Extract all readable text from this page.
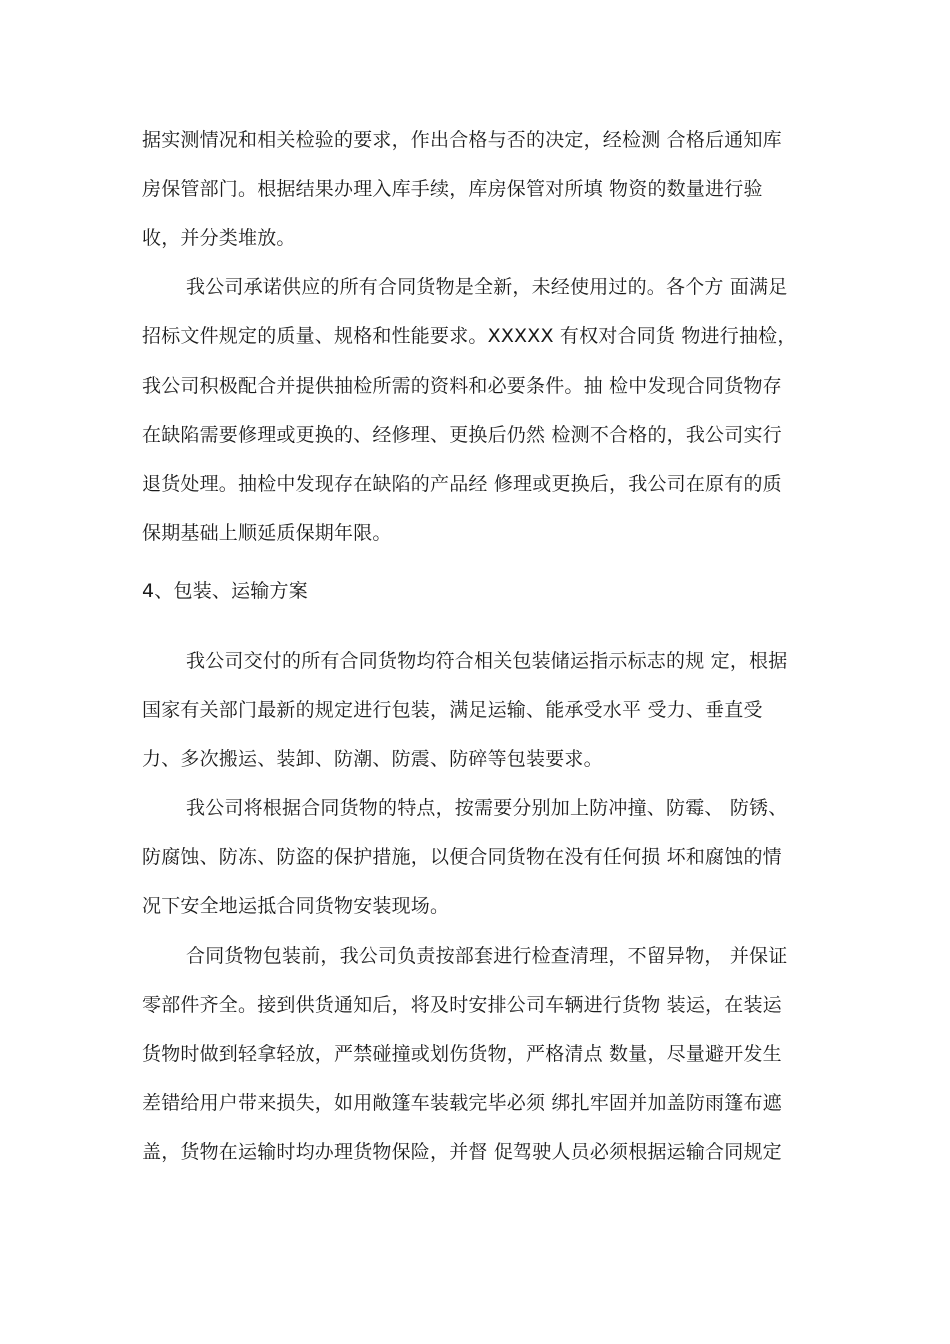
据实测情况和相关检验的要求，作出合格与否的决定，经检测 合格后通知库
房保管部门。根据结果办理入库手续，库房保管对所填 物资的数量进行验
收，并分类堆放。
我公司承诺供应的所有合同货物是全新，未经使用过的。各个方 面满足
招标文件规定的质量、规格和性能要求。XXXXX 有权对合同货 物进行抽检，
我公司积极配合并提供抽检所需的资料和必要条件。抽 检中发现合同货物存
在缺陷需要修理或更换的、经修理、更换后仍然 检测不合格的，我公司实行
退货处理。抽检中发现存在缺陷的产品经 修理或更换后，我公司在原有的质
保期基础上顺延质保期年限。
4、包装、运输方案
我公司交付的所有合同货物均符合相关包装储运指示标志的规 定，根据
国家有关部门最新的规定进行包装，满足运输、能承受水平 受力、垂直受
力、多次搬运、装卸、防潮、防震、防碎等包装要求。
我公司将根据合同货物的特点，按需要分别加上防冲撞、防霉、 防锈、
防腐蚀、防冻、防盗的保护措施，以便合同货物在没有任何损 坏和腐蚀的情
况下安全地运抵合同货物安装现场。
合同货物包装前，我公司负责按部套进行检查清理，不留异物， 并保证
零部件齐全。接到供货通知后，将及时安排公司车辆进行货物 装运，在装运
货物时做到轻拿轻放，严禁碰撞或划伤货物，严格清点 数量，尽量避开发生
差错给用户带来损失，如用敞篷车装载完毕必须 绑扎牢固并加盖防雨篷布遮
盖，货物在运输时均办理货物保险，并督 促驾驶人员必须根据运输合同规定
